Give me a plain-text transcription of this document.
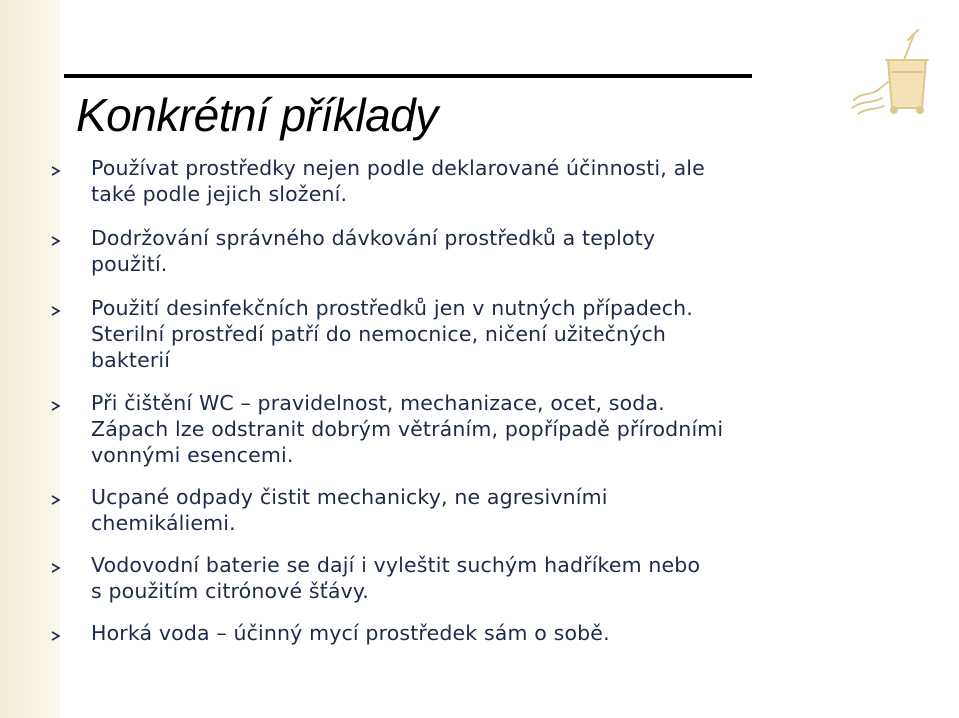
Konkrétní příklady
Používat prostředky nejen podle deklarované účinnosti, ale
také podle jejich složení.
Dodržování správného dávkování prostředků a teploty
použití.
Použití desinfekčních prostředků jen v nutných případech.
Sterilní prostředí patří do nemocnice, ničení užitečných
bakterií
Při čištění WC – pravidelnost, mechanizace, ocet, soda.
Zápach lze odstranit dobrým větráním, popřípadě přírodními
vonnými esencemi.
Ucpané odpady čistit mechanicky, ne agresivními
chemikáliemi.
Vodovodní baterie se dají i vyleštit suchým hadříkem nebo
s použitím citrónové šťávy.
Horká voda – účinný mycí prostředek sám o sobě.
